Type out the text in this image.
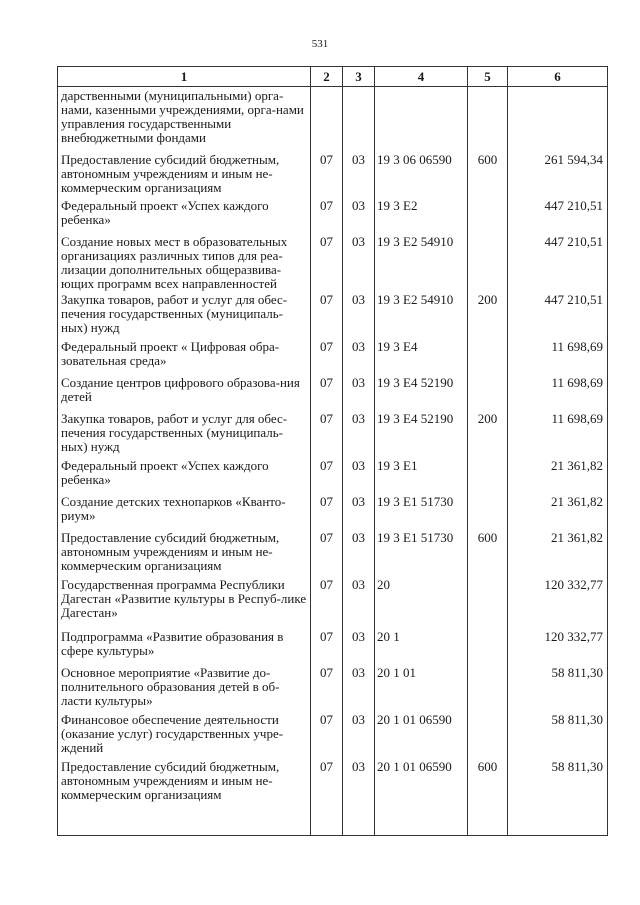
531
1	2	3	4	5	6
дарственными (муниципальными) орга-нами, казенными учреждениями, орга-нами управления государственными внебюджетными фондами					
Предоставление субсидий бюджетным, автономным учреждениям и иным не-коммерческим организациям	07	03	19 3 06 06590	600	261 594,34
Федеральный проект «Успех каждого ребенка»	07	03	19 3 E2		447 210,51
Создание новых мест в образовательных организациях различных типов для реа-лизации дополнительных общеразвива-ющих программ всех направленностей	07	03	19 3 E2 54910		447 210,51
Закупка товаров, работ и услуг для обес-печения государственных (муниципаль-ных) нужд	07	03	19 3 E2 54910	200	447 210,51
Федеральный проект « Цифровая обра-зовательная среда»	07	03	19 3 E4		11 698,69
Создание центров цифрового образова-ния детей	07	03	19 3 E4 52190		11 698,69
Закупка товаров, работ и услуг для обес-печения государственных (муниципаль-ных) нужд	07	03	19 3 E4 52190	200	11 698,69
Федеральный проект «Успех каждого ребенка»	07	03	19 3 E1		21 361,82
Создание детских технопарков «Кванто-риум»	07	03	19 3 E1 51730		21 361,82
Предоставление субсидий бюджетным, автономным учреждениям и иным не-коммерческим организациям	07	03	19 3 E1 51730	600	21 361,82
Государственная программа Республики Дагестан «Развитие культуры в Респуб-лике Дагестан»	07	03	20		120 332,77
Подпрограмма «Развитие образования в сфере культуры»	07	03	20 1		120 332,77
Основное мероприятие «Развитие до-полнительного образования детей в об-ласти культуры»	07	03	20 1 01		58 811,30
Финансовое обеспечение деятельности (оказание услуг) государственных учре-ждений	07	03	20 1 01 06590		58 811,30
Предоставление субсидий бюджетным, автономным учреждениям и иным не-коммерческим организациям	07	03	20 1 01 06590	600	58 811,30
